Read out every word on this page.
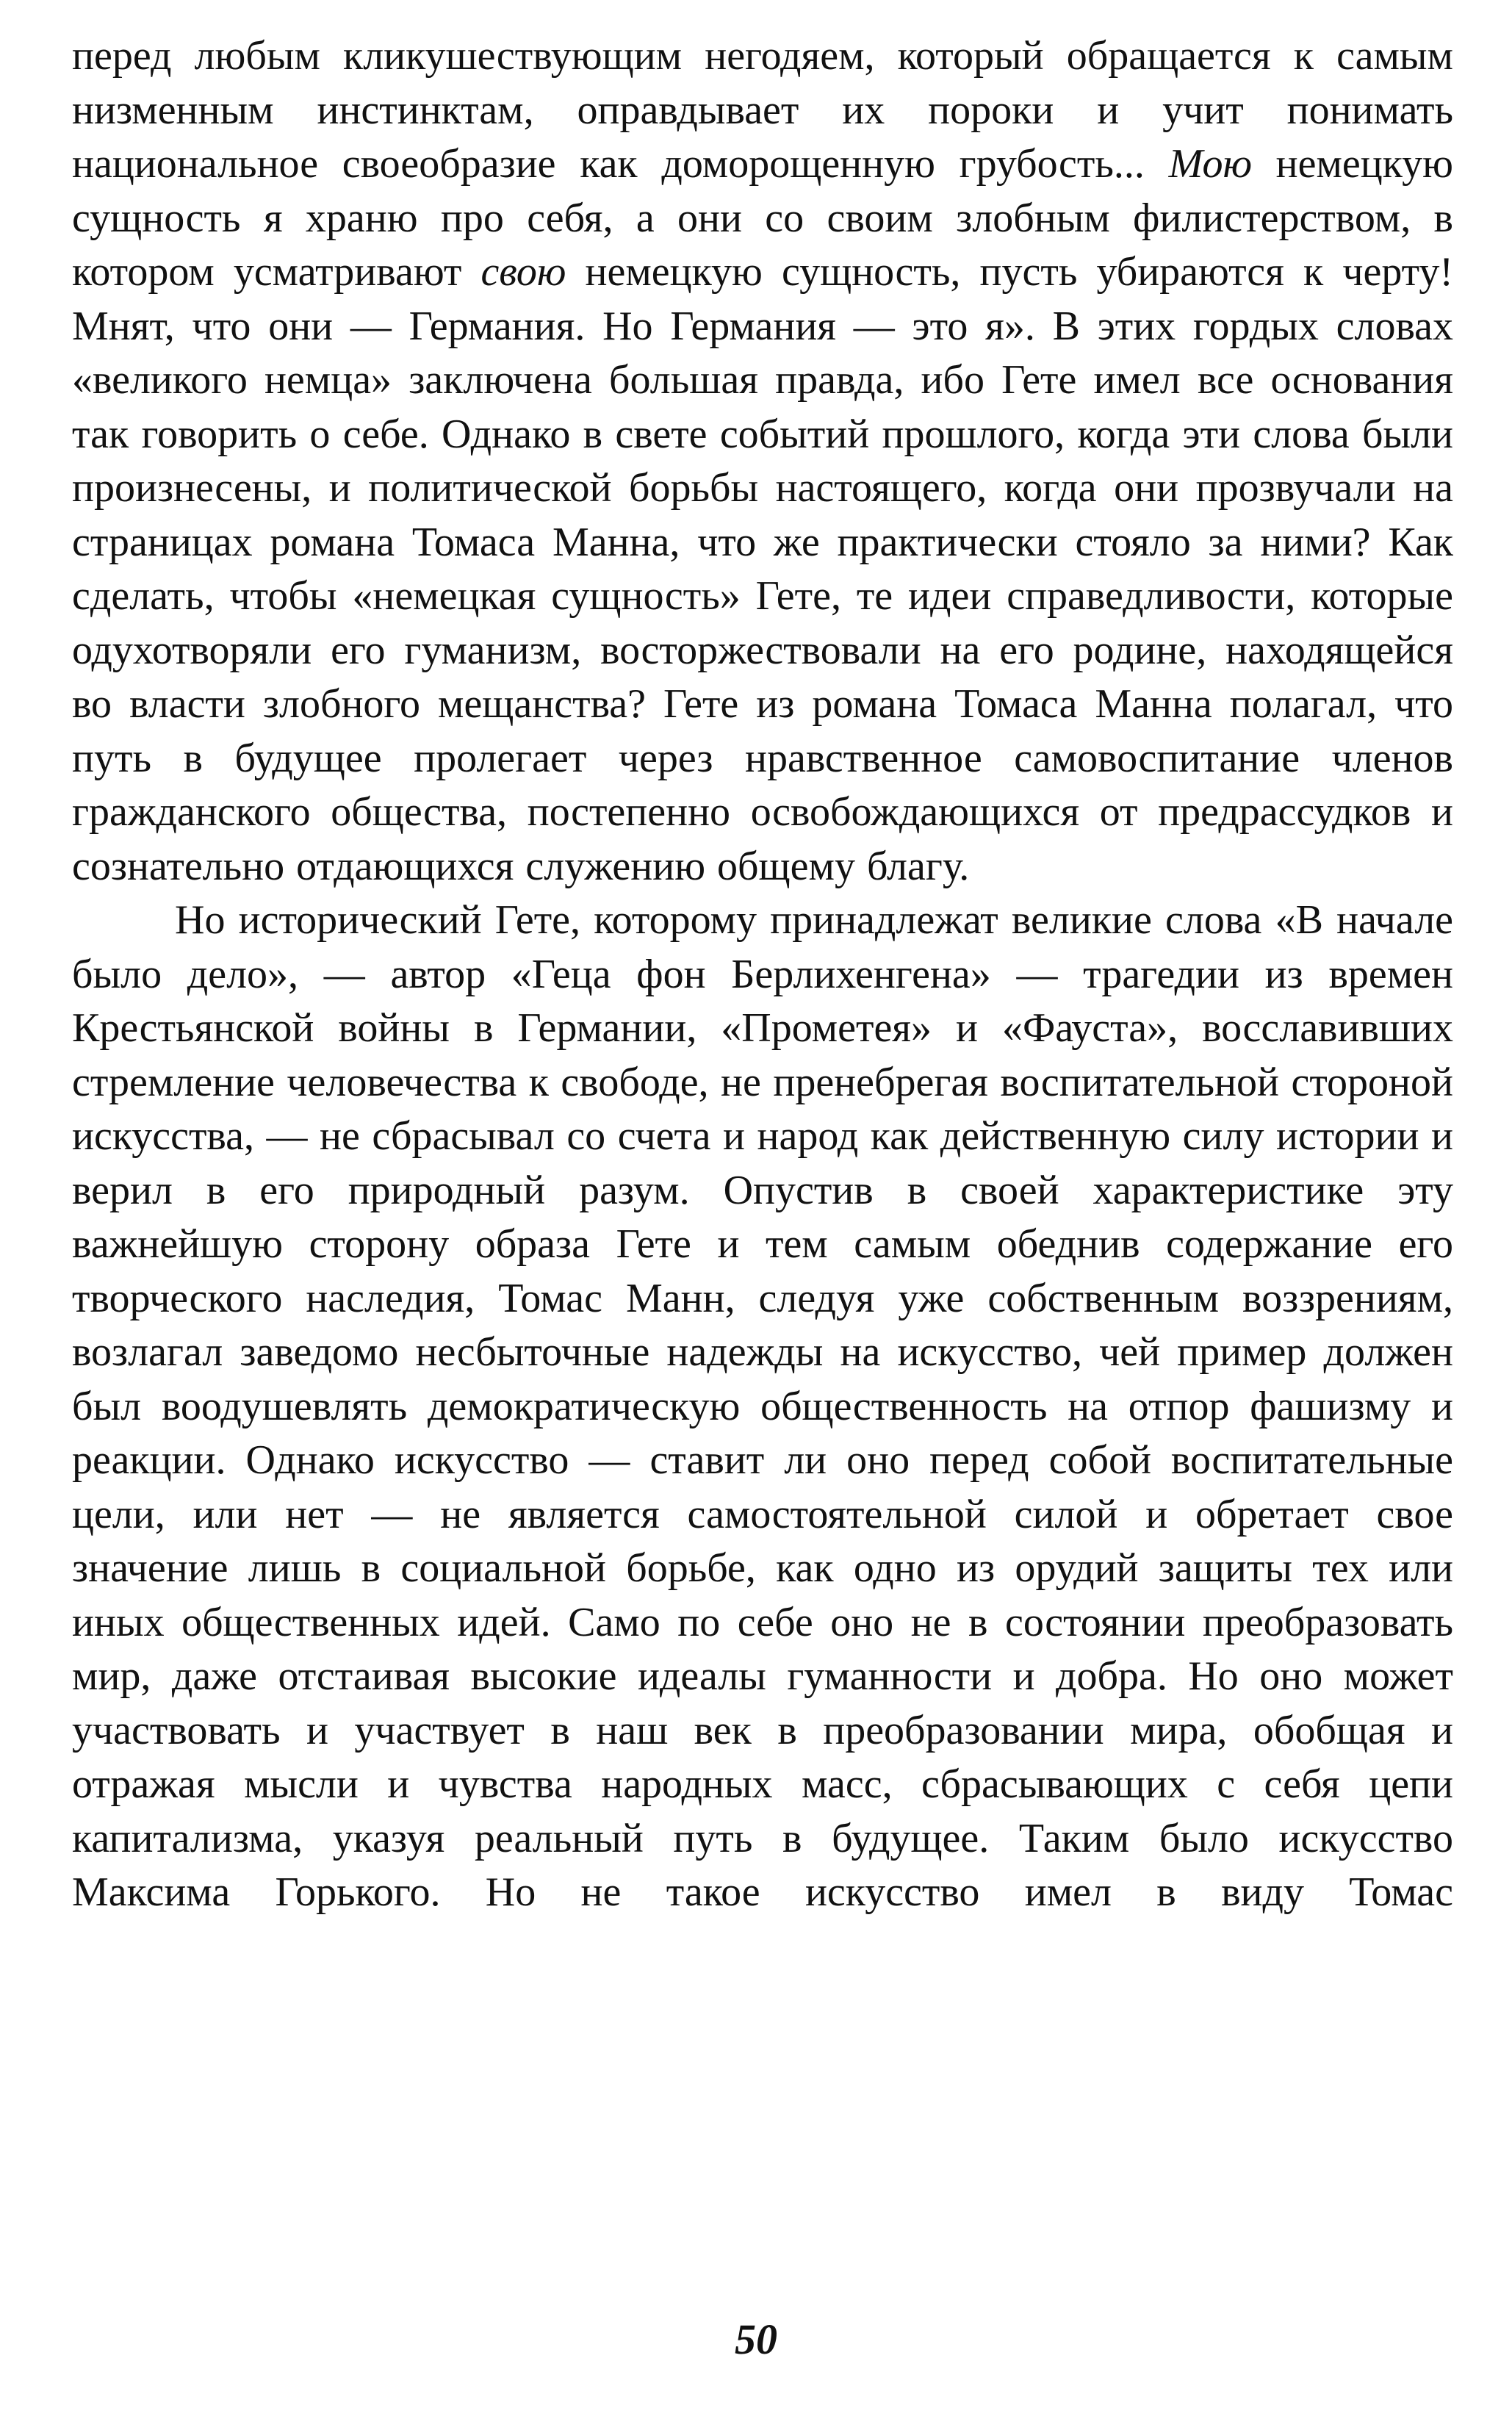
перед любым кликушествующим негодяем, который обращается к самым низменным инстинктам, оправдывает их пороки и учит понимать национальное своеобразие как доморощенную грубость... Мою немецкую сущность я храню про себя, а они со своим злобным филистерством, в котором усматривают свою немецкую сущность, пусть убираются к черту! Мнят, что они — Германия. Но Германия — это я». В этих гордых словах «великого немца» заключена большая правда, ибо Гете имел все основания так говорить о себе. Однако в свете событий прошлого, когда эти слова были произнесены, и политической борьбы настоящего, когда они прозвучали на страницах романа Томаса Манна, что же практически стояло за ними? Как сделать, чтобы «немецкая сущность» Гете, те идеи справедливости, которые одухотворяли его гуманизм, восторжествовали на его родине, находящейся во власти злобного мещанства? Гете из романа Томаса Манна полагал, что путь в будущее пролегает через нравственное самовоспитание членов гражданского общества, постепенно освобождающихся от предрассудков и сознательно отдающихся служению общему благу.

Но исторический Гете, которому принадлежат великие слова «В начале было дело», — автор «Геца фон Берлихенгена» — трагедии из времен Крестьянской войны в Германии, «Прометея» и «Фауста», восславивших стремление человечества к свободе, не пренебрегая воспитательной стороной искусства, — не сбрасывал со счета и народ как действенную силу истории и верил в его природный разум. Опустив в своей характеристике эту важнейшую сторону образа Гете и тем самым обеднив содержание его творческого наследия, Томас Манн, следуя уже собственным воззрениям, возлагал заведомо несбыточные надежды на искусство, чей пример должен был воодушевлять демократическую общественность на отпор фашизму и реакции. Однако искусство — ставит ли оно перед собой воспитательные цели, или нет — не является самостоятельной силой и обретает свое значение лишь в социальной борьбе, как одно из орудий защиты тех или иных общественных идей. Само по себе оно не в состоянии преобразовать мир, даже отстаивая высокие идеалы гуманности и добра. Но оно может участвовать и участвует в наш век в преобразовании мира, обобщая и отражая мысли и чувства народных масс, сбрасывающих с себя цепи капитализма, указуя реальный путь в будущее. Таким было искусство Максима Горького. Но не такое искусство имел в виду Томас

50
